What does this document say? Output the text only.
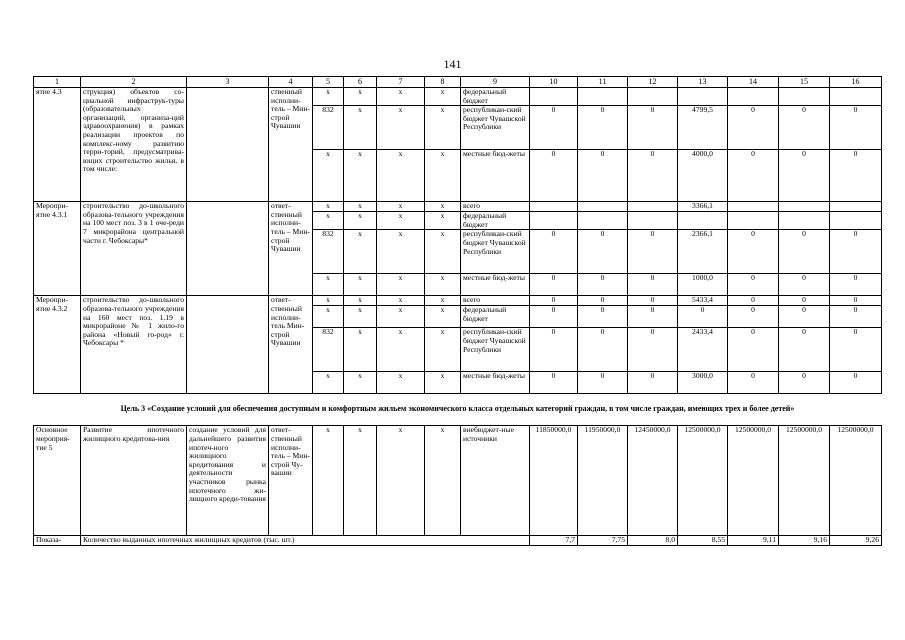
141
1	2	3	4	5	6	7	8	9	10	11	12	13	14	15	16
ятие 4.3	струкция) объектов со-циальной инфраструк-туры (образовательных организаций, организа-ций здравоохранения) в рамках реализации проектов по комплекс-ному развитию терри-торий, предусматрива-ющих строительство жилья, в том числе:		ственный исполни-тель – Мин-строй Чувашии	x	x	x	x	федеральный бюджет							
				832	x	x	x	республикан-ский бюджет Чувашской Республики	0	0	0	4799,5	0	0	0
				x	x	x	x	местные бюд-жеты	0	0	0	4000,0	0	0	0
Меропри-ятие 4.3.1	строительство до-школьного образова-тельного учреждения на 100 мест поз. 3 в 1 оче-реди 7 микрорайона центральной части г. Чебоксары*		ответ-ственный исполни-тель – Мин-строй Чувашии	x	x	x	x	всего				3366,1			
				x	x	x	x	федеральный бюджет							
				832	x	x	x	республикан-ский бюджет Чувашской Республики	0	0	0	2366,1	0	0	0
				x	x	x	x	местные бюд-жеты	0	0	0	1000,0	0	0	0
Меропри-ятие 4.3.2	строительство до-школьного образова-тельного учреждения на 160 мест поз. 1.19 в микрорайоне № 1 жило-го района «Новый го-род» г. Чебоксары *		ответ-ственный исполни-тель Мин-строй Чувашии	x	x	x	x	всего	0	0	0	5433,4	0	0	0
				x	x	x	x	федеральный бюджет	0	0	0	0	0	0	0
				832	x	x	x	республикан-ский бюджет Чувашской Республики	0	0	0	2433,4	0	0	0
				x	x	x	x	местные бюд-жеты	0	0	0	3000,0	0	0	0
Цель 3 «Создание условий для обеспечения доступным и комфортным жильем экономического класса отдельных категорий граждан, в том числе граждан, имеющих трех и более детей»															
Основное мероприя-тие 5	Развитие ипотечного жилищного кредитова-ния	создание условий для дальнейшего развития ипотеч-ного жилищного кредитования и деятельности участников рынка ипотечного жи-лищного креди-тования	ответ-ственный исполни-тель – Мин-строй Чу-вашии	x	x	x	x	внебюджет-ные источники	11850000,0	11950000,0	12450000,0	12500000,0	12500000,0	12500000,0	12500000,0
Показа-	Количество выданных ипотечных жилищных кредитов (тыс. шт.)								7,7	7,75	8,0	8,55	9,11	9,16	9,26
